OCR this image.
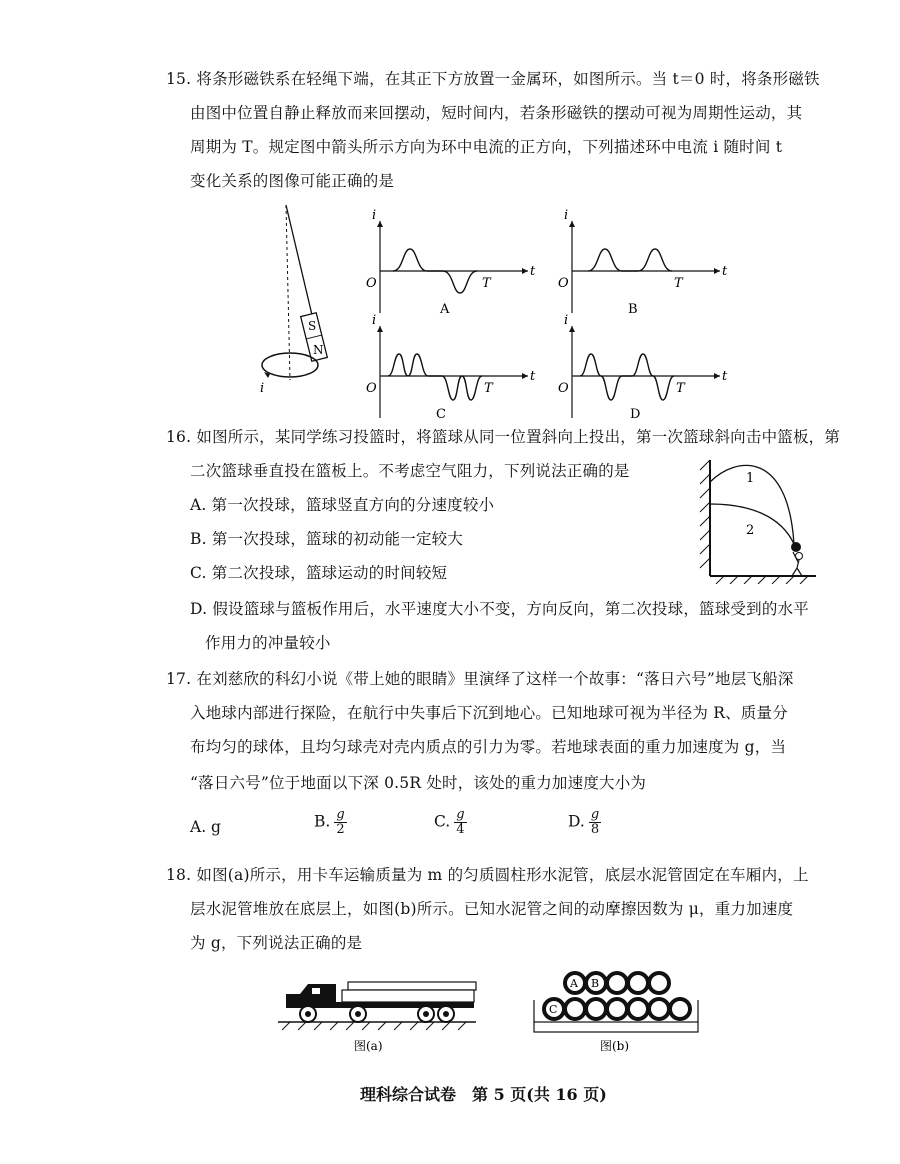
15. 将条形磁铁系在轻绳下端，在其正下方放置一金属环，如图所示。当 t＝0 时，将条形磁铁
由图中位置自静止释放而来回摆动，短时间内，若条形磁铁的摆动可视为周期性运动，其
周期为 T。规定图中箭头所示方向为环中电流的正方向，下列描述环中电流 i 随时间 t
变化关系的图像可能正确的是
S
N
i
i
t
O	T
A
i
t
O	T
B
i
t
O	T
C
i
t
O	T
D
16. 如图所示，某同学练习投篮时，将篮球从同一位置斜向上投出，第一次篮球斜向击中篮板，第
二次篮球垂直投在篮板上。不考虑空气阻力，下列说法正确的是
A. 第一次投球，篮球竖直方向的分速度较小
B. 第一次投球，篮球的初动能一定较大
C. 第二次投球，篮球运动的时间较短
D. 假设篮球与篮板作用后，水平速度大小不变，方向反向，第二次投球，篮球受到的水平
作用力的冲量较小
1
2
17. 在刘慈欣的科幻小说《带上她的眼睛》里演绎了这样一个故事：“落日六号”地层飞船深
入地球内部进行探险，在航行中失事后下沉到地心。已知地球可视为半径为 R、质量分
布均匀的球体，且均匀球壳对壳内质点的引力为零。若地球表面的重力加速度为 g，当
“落日六号”位于地面以下深 0.5R 处时，该处的重力加速度大小为
A. g	B. $\frac{g}{2}$	C. $\frac{g}{4}$	D. $\frac{g}{8}$
18. 如图(a)所示，用卡车运输质量为 m 的匀质圆柱形水泥管，底层水泥管固定在车厢内，上
层水泥管堆放在底层上，如图(b)所示。已知水泥管之间的动摩擦因数为 μ，重力加速度
为 g，下列说法正确的是
图(a)
A B
C
图(b)
理科综合试卷　第 5 页(共 16 页)
